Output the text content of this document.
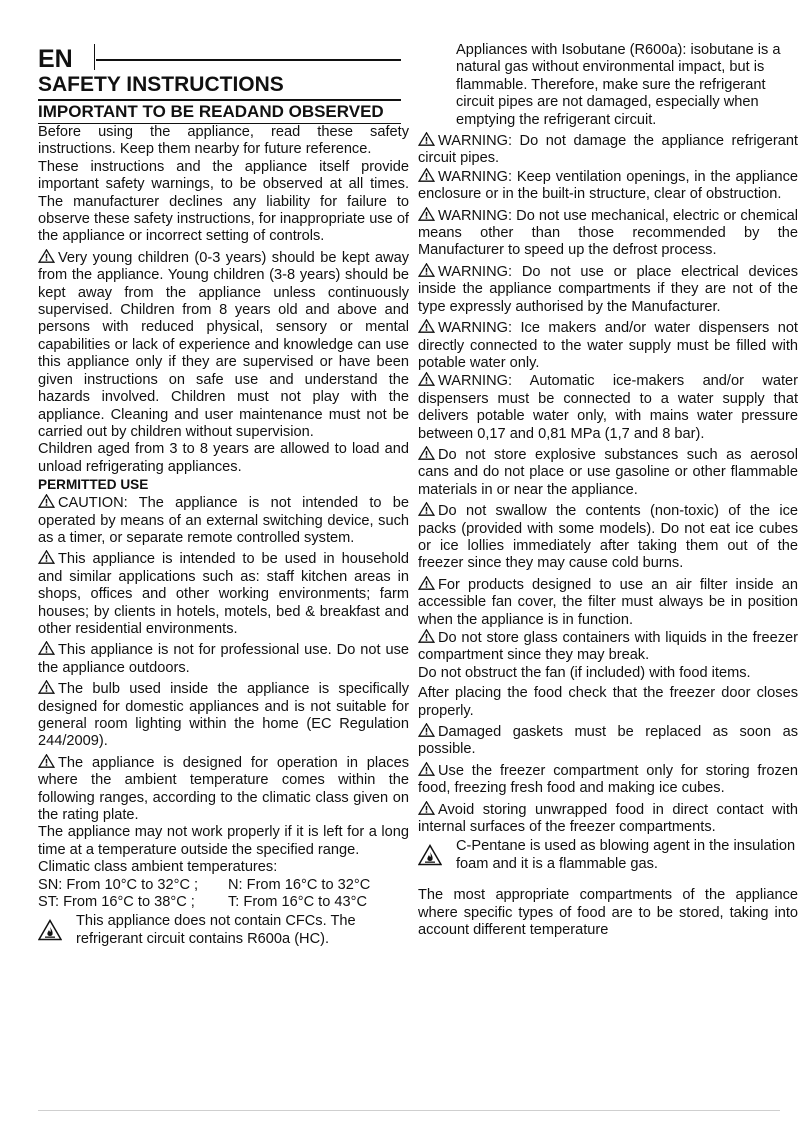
EN
SAFETY INSTRUCTIONS
IMPORTANT TO BE READAND OBSERVED

Before using the appliance, read these safety instructions. Keep them nearby for future reference.

These instructions and the appliance itself provide important safety warnings, to be observed at all times. The manufacturer declines any liability for failure to observe these safety instructions, for inappropriate use of the appliance or incorrect setting of controls.

Very young children (0-3 years) should be kept away from the appliance. Young children (3-8 years) should be kept away from the appliance unless continuously supervised. Children from 8 years old and above and persons with reduced physical, sensory or mental capabilities or lack of experience and knowledge can use this appliance only if they are supervised or have been given instructions on safe use and understand the hazards involved. Children must not play with the appliance. Cleaning and user maintenance must not be carried out by children without supervision.

Children aged from 3 to 8 years are allowed to load and unload refrigerating appliances.

PERMITTED USE

CAUTION: The appliance is not intended to be operated by means of an external switching device, such as a timer, or separate remote controlled system.

This appliance is intended to be used in household and similar applications such as: staff kitchen areas in shops, offices and other working environments; farm houses; by clients in hotels, motels, bed & breakfast and other residential environments.

This appliance is not for professional use. Do not use the appliance outdoors.

The bulb used inside the appliance is specifically designed for domestic appliances and is not suitable for general room lighting within the home (EC Regulation 244/2009).

The appliance is designed for operation in places where the ambient temperature comes within the following ranges, according to the climatic class given on the rating plate.

The appliance may not work properly if it is left for a long time at a temperature outside the specified range.

Climatic class ambient temperatures:

SN: From 10°C to 32°C ;	N: From 16°C to 32°C
ST: From 16°C to 38°C ;	T: From 16°C to 43°C
This appliance does not contain CFCs. The refrigerant circuit contains R600a (HC).

Appliances with Isobutane (R600a): isobutane is a natural gas without environmental impact, but is flammable. Therefore, make sure the refrigerant circuit pipes are not damaged, especially when emptying the refrigerant circuit.

WARNING: Do not damage the appliance refrigerant circuit pipes.

WARNING: Keep ventilation openings, in the appliance enclosure or in the built-in structure, clear of obstruction.

WARNING: Do not use mechanical, electric or chemical means other than those recommended by the Manufacturer to speed up the defrost process.

WARNING: Do not use or place electrical devices inside the appliance compartments if they are not of the type expressly authorised by the Manufacturer.

WARNING: Ice makers and/or water dispensers not directly connected to the water supply must be filled with potable water only.

WARNING: Automatic ice-makers and/or water dispensers must be connected to a water supply that delivers potable water only, with mains water pressure between 0,17 and 0,81 MPa (1,7 and 8 bar).

Do not store explosive substances such as aerosol cans and do not place or use gasoline or other flammable materials in or near the appliance.

Do not swallow the contents (non-toxic) of the ice packs (provided with some models). Do not eat ice cubes or ice lollies immediately after taking them out of the freezer since they may cause cold burns.

For products designed to use an air filter inside an accessible fan cover, the filter must always be in position when the appliance is in function.

Do not store glass containers with liquids in the freezer compartment since they may break.

Do not obstruct the fan (if included) with food items.

After placing the food check that the freezer door closes properly.

Damaged gaskets must be replaced as soon as possible.

Use the freezer compartment only for storing frozen food, freezing fresh food and making ice cubes.

Avoid storing unwrapped food in direct contact with internal surfaces of the freezer compartments.

C-Pentane is used as blowing agent in the insulation foam and it is a flammable gas.

The most appropriate compartments of the appliance where specific types of food are to be stored, taking into account different temperature
